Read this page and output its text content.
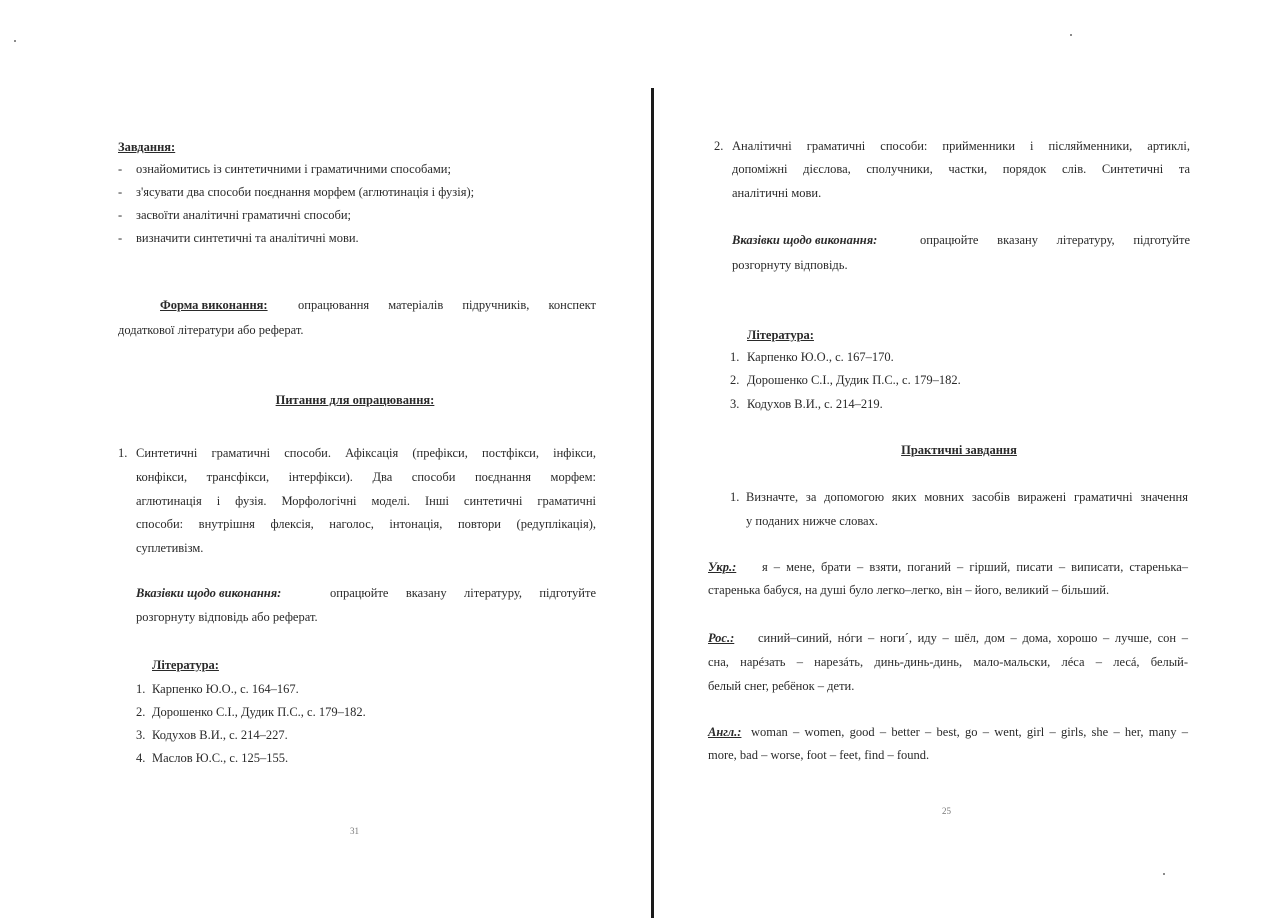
Завдання:
- ознайомитись із синтетичними і граматичними способами;
- з'ясувати два способи поєднання морфем (аглютинація і фузія);
- засвоїти аналітичні граматичні способи;
- визначити синтетичні та аналітичні мови.
Форма виконання: опрацювання матеріалів підручників, конспект
додаткової літератури або реферат.
Питання для опрацювання:
1. Синтетичні граматичні способи. Афіксація (префікси, постфікси, інфікси,
конфікси, трансфікси, інтерфікси). Два способи поєднання морфем:
аглютинація і фузія. Морфологічні моделі. Інші синтетичні граматичні
способи: внутрішня флексія, наголос, інтонація, повтори (редуплікація),
суплетивізм.
Вказівки щодо виконання:	опрацюйте вказану літературу, підготуйте
розгорнуту відповідь або реферат.
Література:
1. Карпенко Ю.О., с. 164–167.
2. Дорошенко С.І., Дудик П.С., с. 179–182.
3. Кодухов В.И., с. 214–227.
4. Маслов Ю.С., с. 125–155.
31
2. Аналітичні граматичні способи: прийменники і післяйменники, артиклі,
допоміжні дієслова, сполучники, частки, порядок слів. Синтетичні та
аналітичні мови.
Вказівки щодо виконання:	опрацюйте вказану літературу, підготуйте
розгорнуту відповідь.
Література:
1. Карпенко Ю.О., с. 167–170.
2. Дорошенко С.І., Дудик П.С., с. 179–182.
3. Кодухов В.И., с. 214–219.
Практичні завдання
1. Визначте, за допомогою яких мовних засобів виражені граматичні значення
у поданих нижче словах.
Укр.: я – мене, брати – взяти, поганий – гірший, писати – виписати, старенька–
старенька бабуся, на душі було легко–легко, він – його, великий – більший.
Рос.: синий–синий, нóги – ноги´, иду – шёл, дом – дома, хорошо – лучше, сон –
сна, нарéзать – нарезáть, динь-динь-динь, мало-мальски, лéса – лесá, белый-
белый снег, ребёнок – дети.
Англ.: woman – women, good – better – best, go – went, girl – girls, she – her, many –
more, bad – worse, foot – feet, find – found.
25
